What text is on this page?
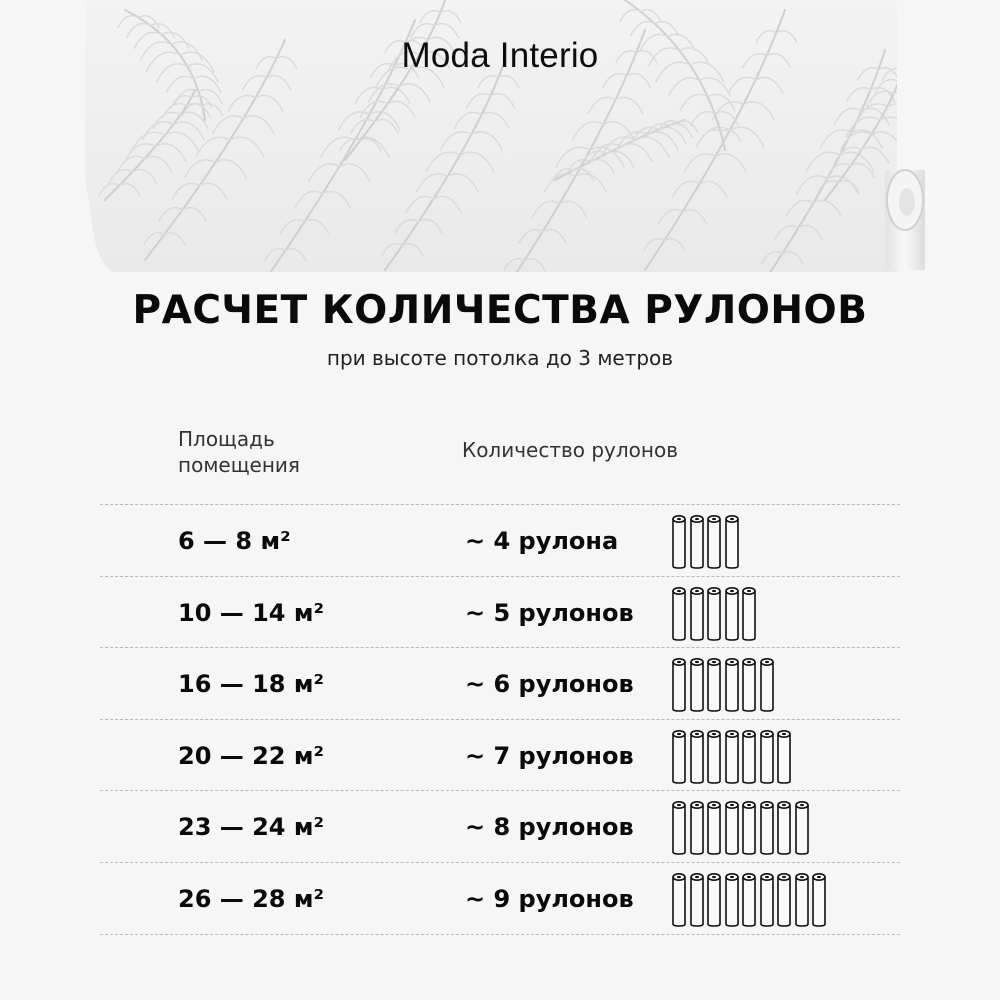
Moda Interio
РАСЧЕТ КОЛИЧЕСТВА РУЛОНОВ
при высоте потолка до 3 метров
Площадь
помещения
Количество рулонов
6 — 8 м²	~ 4 рулона
10 — 14 м²	~ 5 рулонов
16 — 18 м²	~ 6 рулонов
20 — 22 м²	~ 7 рулонов
23 — 24 м²	~ 8 рулонов
26 — 28 м²	~ 9 рулонов
